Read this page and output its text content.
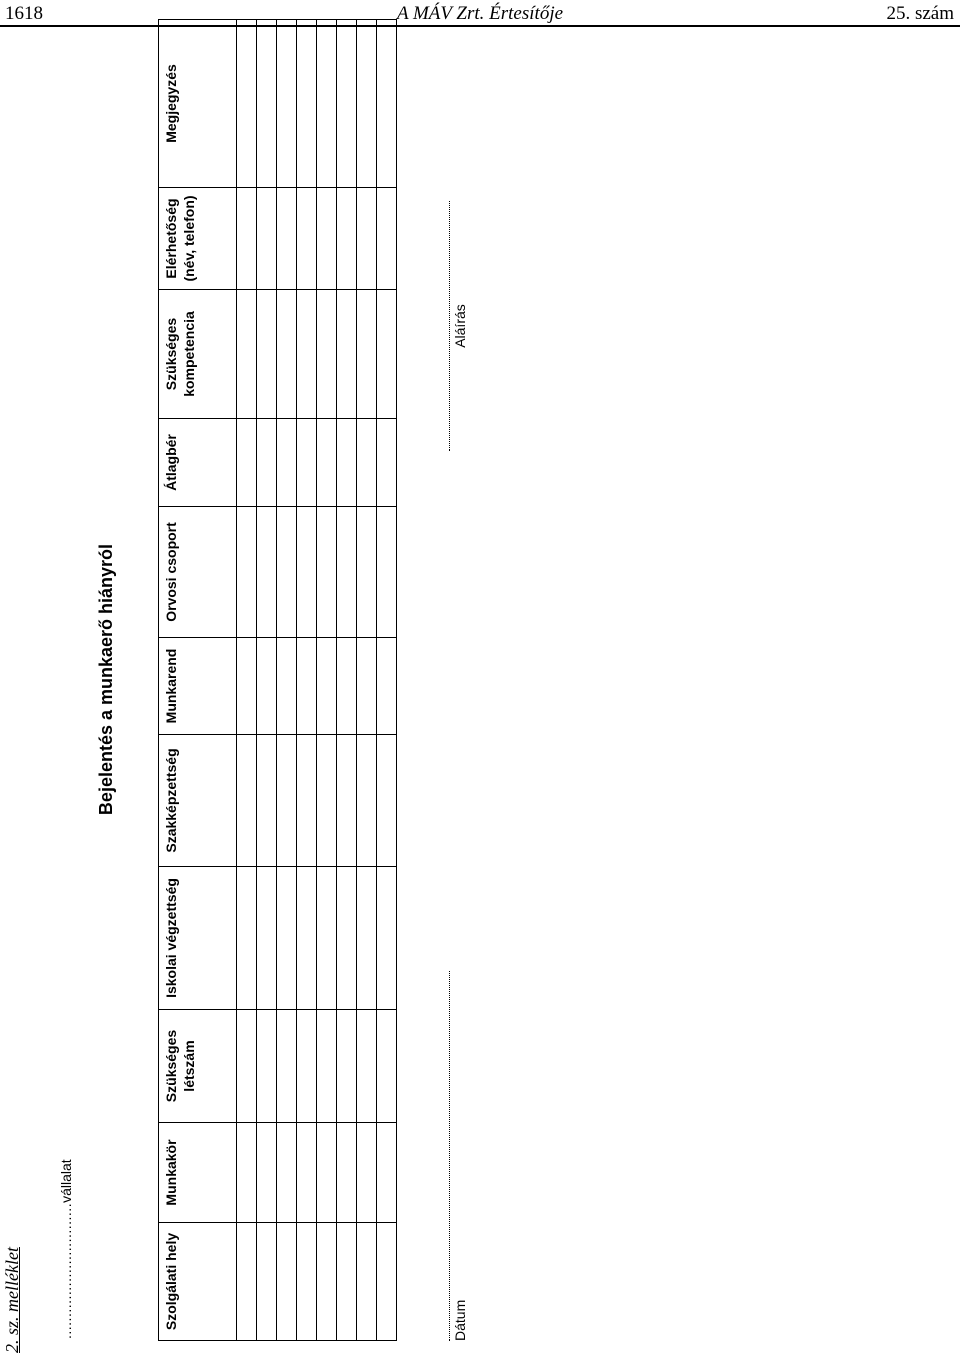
1618	A MÁV Zrt. Értesítője	25. szám
2. sz. melléklet	...............................vállalat
Bejelentés a munkaerő hiányról
Szolgálati hely	Munkakör	Szükséges létszám	Iskolai végzettség	Szakképzettség	Munkarend	Orvosi csoport	Átlagbér	Szükséges kompetencia	Elérhetőség (név, telefon)	Megjegyzés

Dátum
Aláírás
